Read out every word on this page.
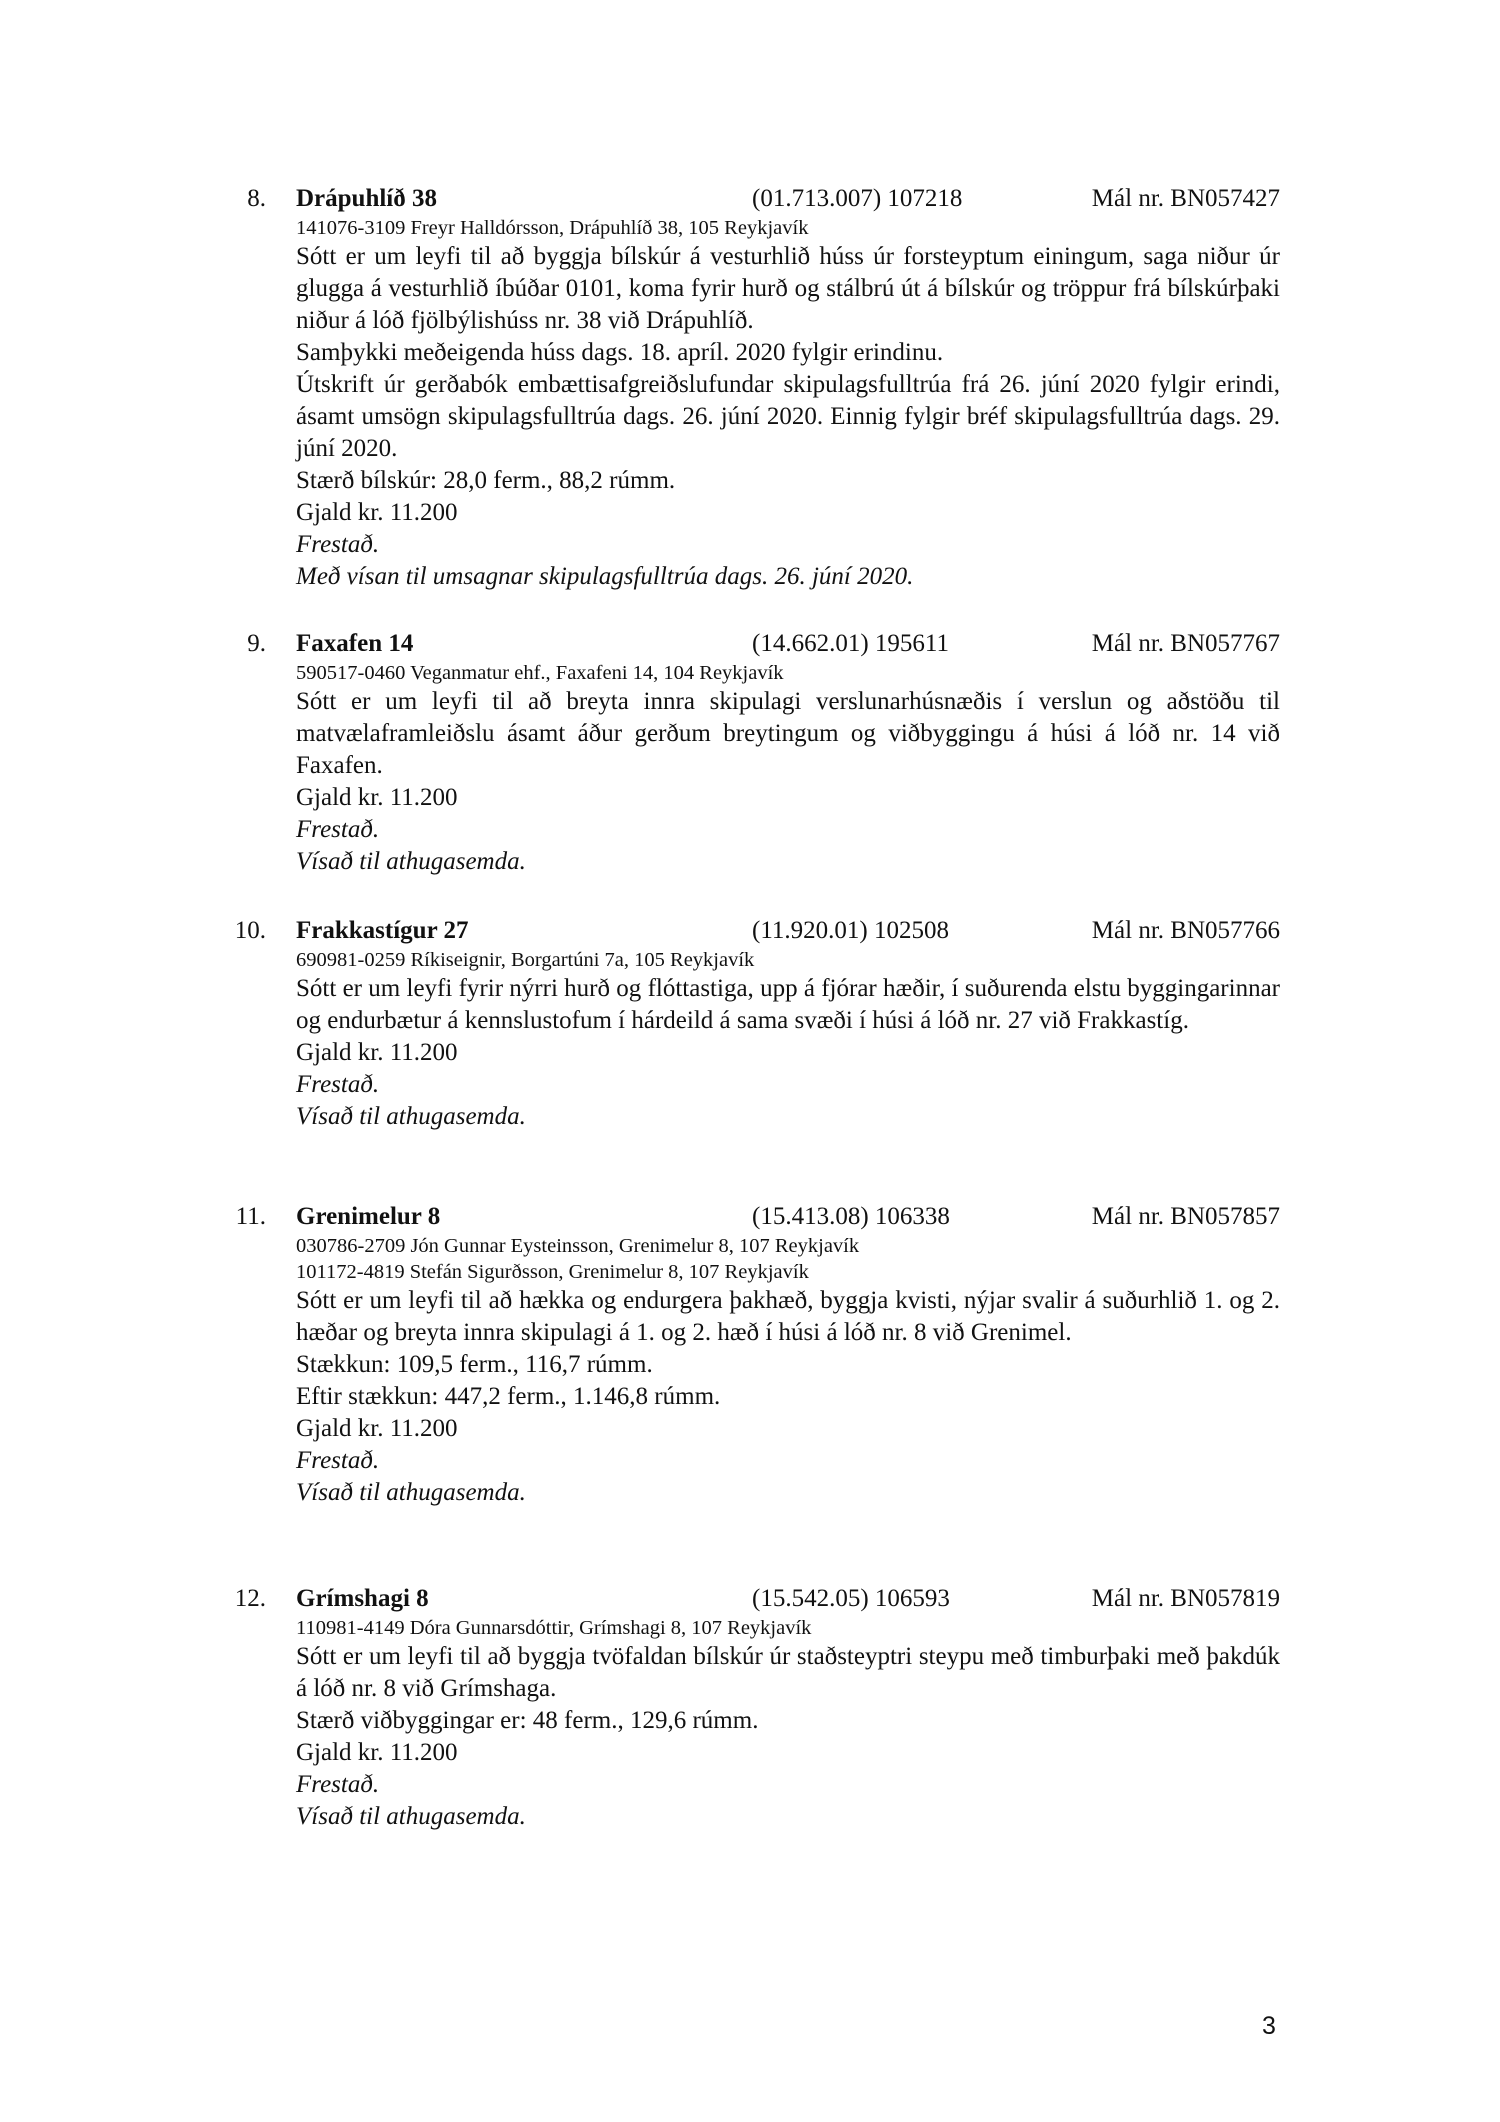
8. Drápuhlíð 38	(01.713.007) 107218	Mál nr. BN057427
141076-3109 Freyr Halldórsson, Drápuhlíð 38, 105 Reykjavík
Sótt er um leyfi til að byggja bílskúr á vesturhlið húss úr forsteyptum einingum, saga niður úr glugga á vesturhlið íbúðar 0101, koma fyrir hurð og stálbrú út á bílskúr og tröppur frá bílskúrþaki niður á lóð fjölbýlishúss nr. 38 við Drápuhlíð.
Samþykki meðeigenda húss dags. 18. apríl. 2020 fylgir erindinu.
Útskrift úr gerðabók embættisafgreiðslufundar skipulagsfulltrúa frá 26. júní 2020 fylgir erindi, ásamt umsögn skipulagsfulltrúa dags. 26. júní 2020. Einnig fylgir bréf skipulagsfulltrúa dags. 29. júní 2020.
Stærð bílskúr: 28,0 ferm., 88,2 rúmm.
Gjald kr. 11.200
Frestað.
Með vísan til umsagnar skipulagsfulltrúa dags. 26. júní 2020.
9. Faxafen 14	(14.662.01) 195611	Mál nr. BN057767
590517-0460 Veganmatur ehf., Faxafeni 14, 104 Reykjavík
Sótt er um leyfi til að breyta innra skipulagi verslunarhúsnæðis í verslun og aðstöðu til matvælaframleiðslu ásamt áður gerðum breytingum og viðbyggingu á húsi á lóð nr. 14 við Faxafen.
Gjald kr. 11.200
Frestað.
Vísað til athugasemda.
10. Frakkastígur 27	(11.920.01) 102508	Mál nr. BN057766
690981-0259 Ríkiseignir, Borgartúni 7a, 105 Reykjavík
Sótt er um leyfi fyrir nýrri hurð og flóttastiga, upp á fjórar hæðir, í suðurenda elstu byggingarinnar og endurbætur á kennslustofum í hárdeild á sama svæði í húsi á lóð nr. 27 við Frakkastíg.
Gjald kr. 11.200
Frestað.
Vísað til athugasemda.
11. Grenimelur 8	(15.413.08) 106338	Mál nr. BN057857
030786-2709 Jón Gunnar Eysteinsson, Grenimelur 8, 107 Reykjavík
101172-4819 Stefán Sigurðsson, Grenimelur 8, 107 Reykjavík
Sótt er um leyfi til að hækka og endurgera þakhæð, byggja kvisti, nýjar svalir á suðurhlið 1. og 2. hæðar og breyta innra skipulagi á 1. og 2. hæð í húsi á lóð nr. 8 við Grenimel.
Stækkun: 109,5 ferm., 116,7 rúmm.
Eftir stækkun: 447,2 ferm., 1.146,8 rúmm.
Gjald kr. 11.200
Frestað.
Vísað til athugasemda.
12. Grímshagi 8	(15.542.05) 106593	Mál nr. BN057819
110981-4149 Dóra Gunnarsdóttir, Grímshagi 8, 107 Reykjavík
Sótt er um leyfi til að byggja tvöfaldan bílskúr úr staðsteyptri steypu með timburþaki með þakdúk á lóð nr. 8 við Grímshaga.
Stærð viðbyggingar er: 48 ferm., 129,6 rúmm.
Gjald kr. 11.200
Frestað.
Vísað til athugasemda.
3
